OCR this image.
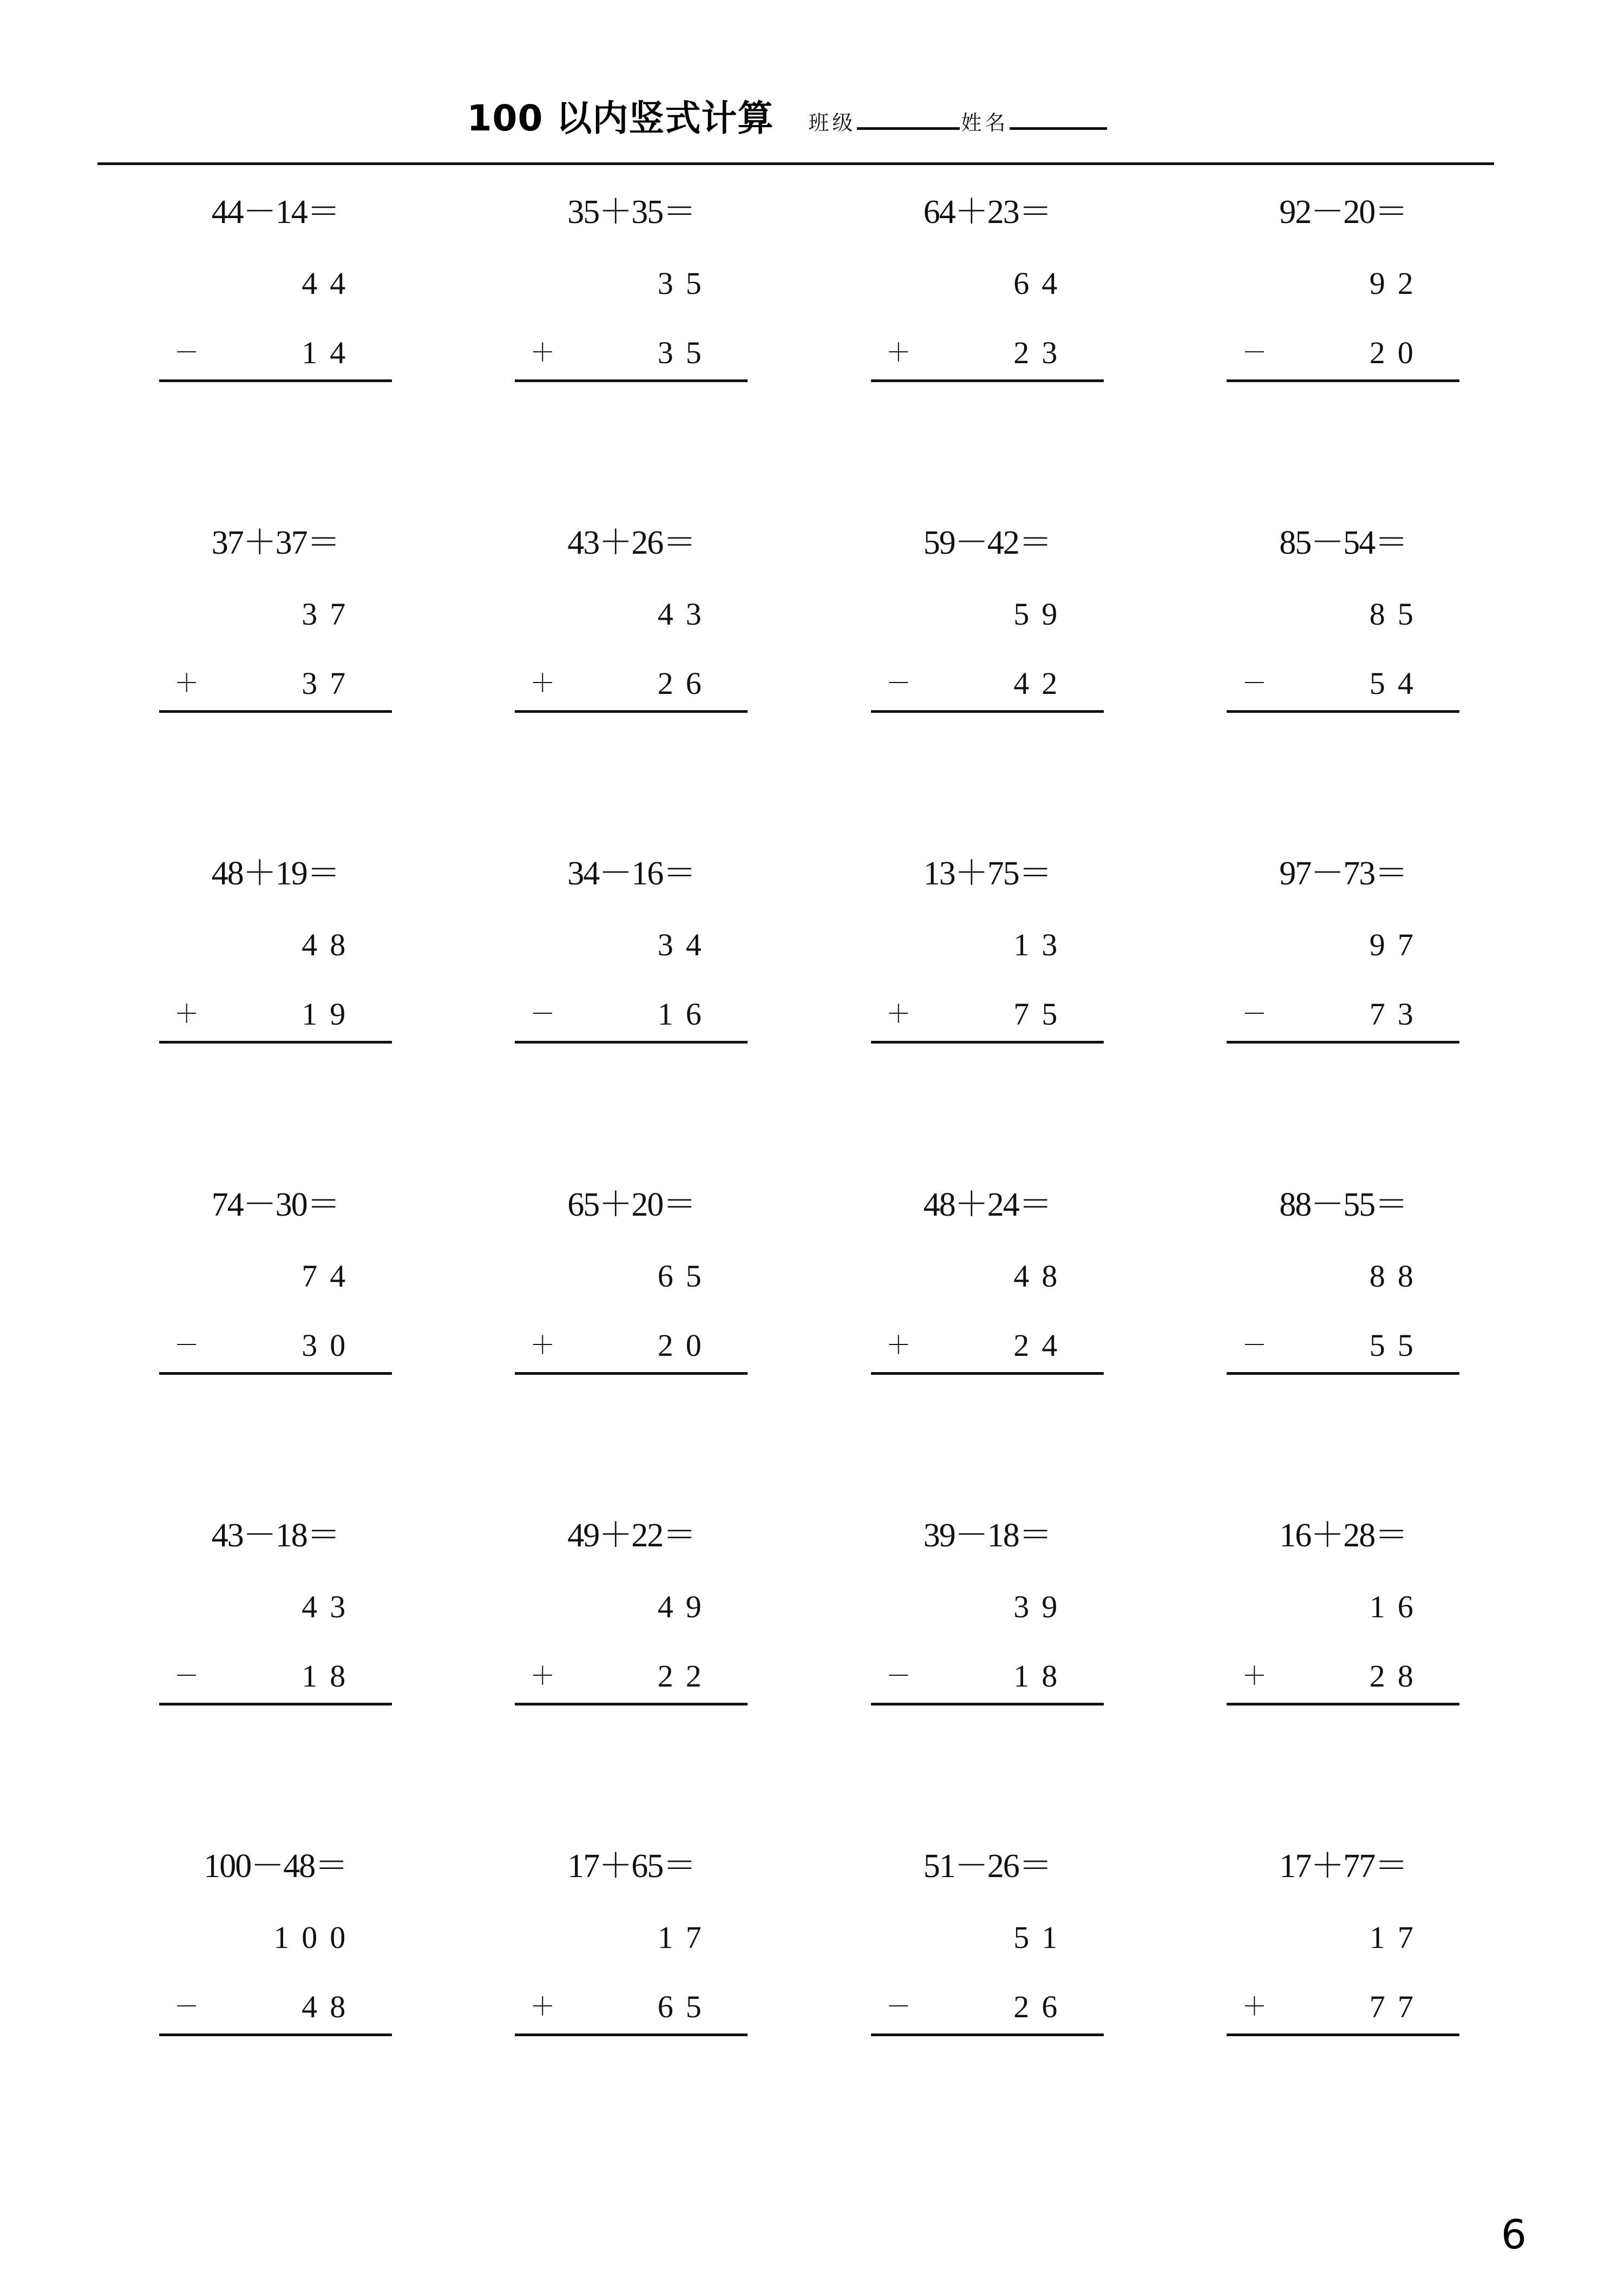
100 以内竖式计算 班级	姓名
44－14＝
4 4
－	1 4
35＋35＝
3 5
＋	3 5
64＋23＝
6 4
＋	2 3
92－20＝
9 2
－	2 0
37＋37＝
3 7
＋	3 7
43＋26＝
4 3
＋	2 6
59－42＝
5 9
－	4 2
85－54＝
8 5
－	5 4
48＋19＝
4 8
＋	1 9
34－16＝
3 4
－	1 6
13＋75＝
1 3
＋	7 5
97－73＝
9 7
－	7 3
74－30＝
7 4
－	3 0
65＋20＝
6 5
＋	2 0
48＋24＝
4 8
＋	2 4
88－55＝
8 8
－	5 5
43－18＝
4 3
－	1 8
49＋22＝
4 9
＋	2 2
39－18＝
3 9
－	1 8
16＋28＝
1 6
＋	2 8
100－48＝
1 0 0
－	4 8
17＋65＝
1 7
＋	6 5
51－26＝
5 1
－	2 6
17＋77＝
1 7
＋	7 7
6
